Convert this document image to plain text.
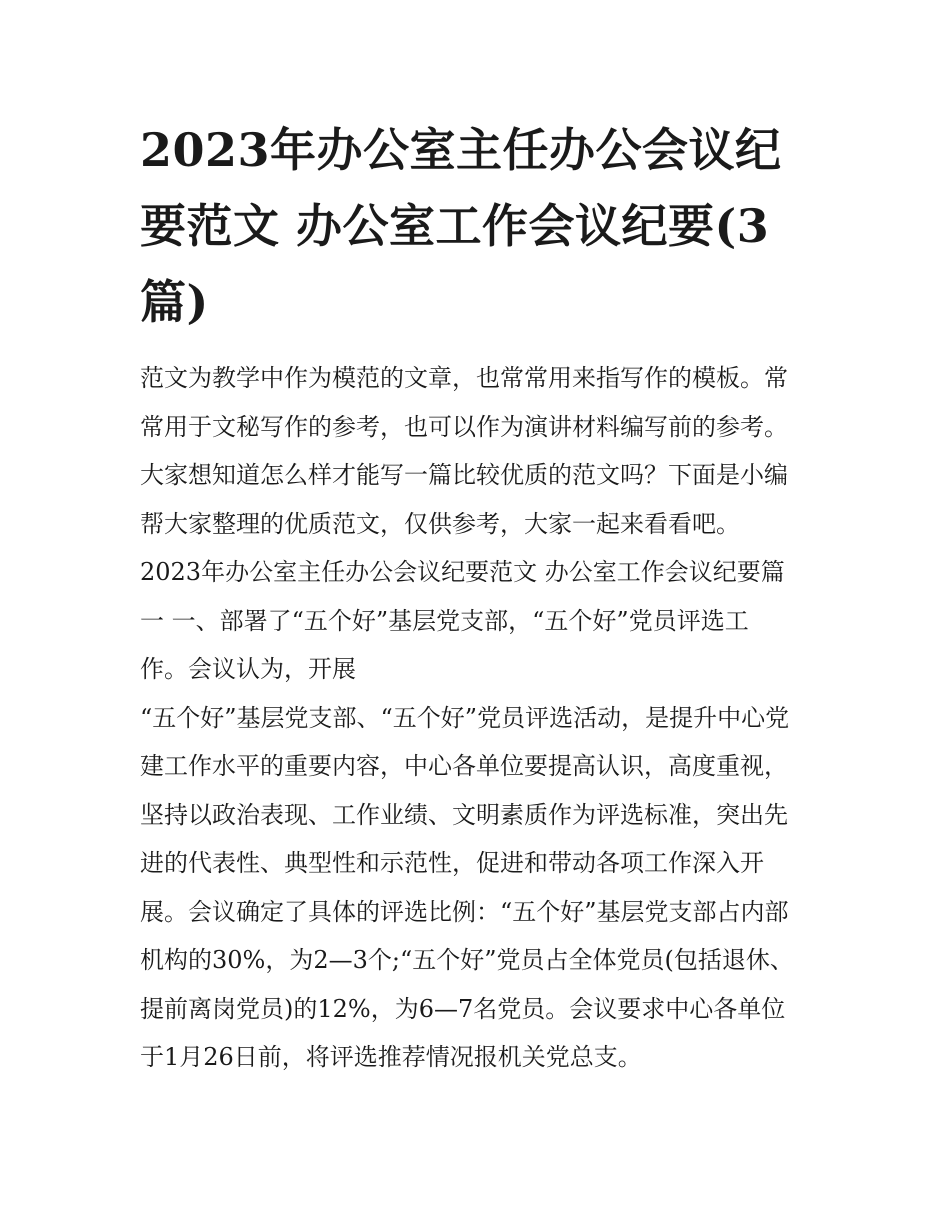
2023年办公室主任办公会议纪
要范文 办公室工作会议纪要(3
篇)

范文为教学中作为模范的文章，也常常用来指写作的模板。常
常用于文秘写作的参考，也可以作为演讲材料编写前的参考。
大家想知道怎么样才能写一篇比较优质的范文吗？下面是小编
帮大家整理的优质范文，仅供参考，大家一起来看看吧。

2023年办公室主任办公会议纪要范文 办公室工作会议纪要篇
一 一、部署了“五个好”基层党支部，“五个好”党员评选工
作。会议认为，开展

“五个好”基层党支部、“五个好”党员评选活动，是提升中心党
建工作水平的重要内容，中心各单位要提高认识，高度重视，
坚持以政治表现、工作业绩、文明素质作为评选标准，突出先
进的代表性、典型性和示范性，促进和带动各项工作深入开
展。会议确定了具体的评选比例：“五个好”基层党支部占内部
机构的30%，为2—3个;“五个好”党员占全体党员(包括退休、
提前离岗党员)的12%，为6—7名党员。会议要求中心各单位
于1月26日前，将评选推荐情况报机关党总支。
